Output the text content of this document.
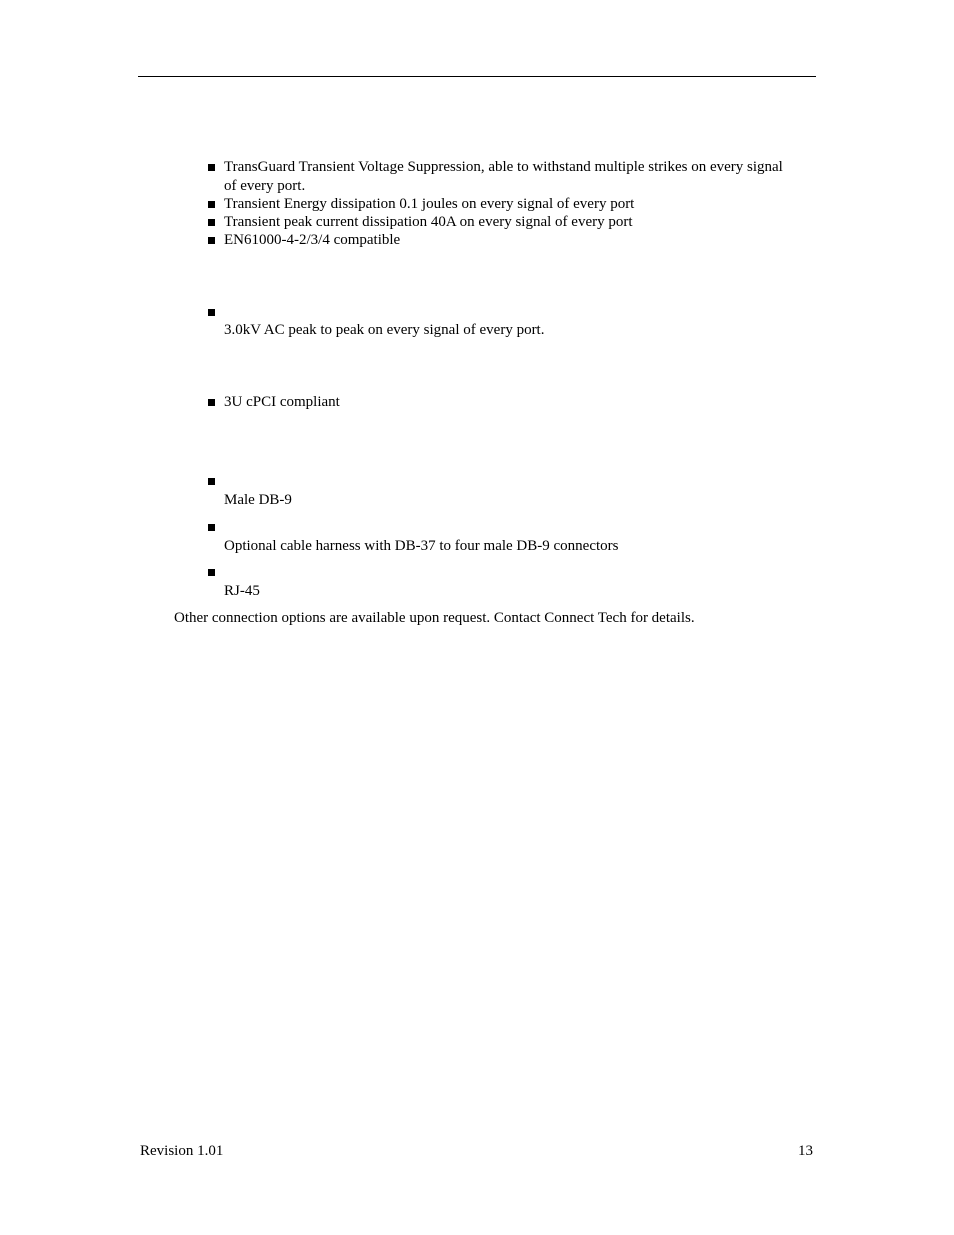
TransGuard Transient Voltage Suppression, able to withstand multiple strikes on every signal
of every port.
Transient Energy dissipation 0.1 joules on every signal of every port
Transient peak current dissipation 40A on every signal of every port
EN61000-4-2/3/4 compatible
3.0kV AC peak to peak on every signal of every port.
3U cPCI compliant
Male DB-9
Optional cable harness with DB-37 to four male DB-9 connectors
RJ-45
Other connection options are available upon request. Contact Connect Tech for details.
Revision 1.01	13
